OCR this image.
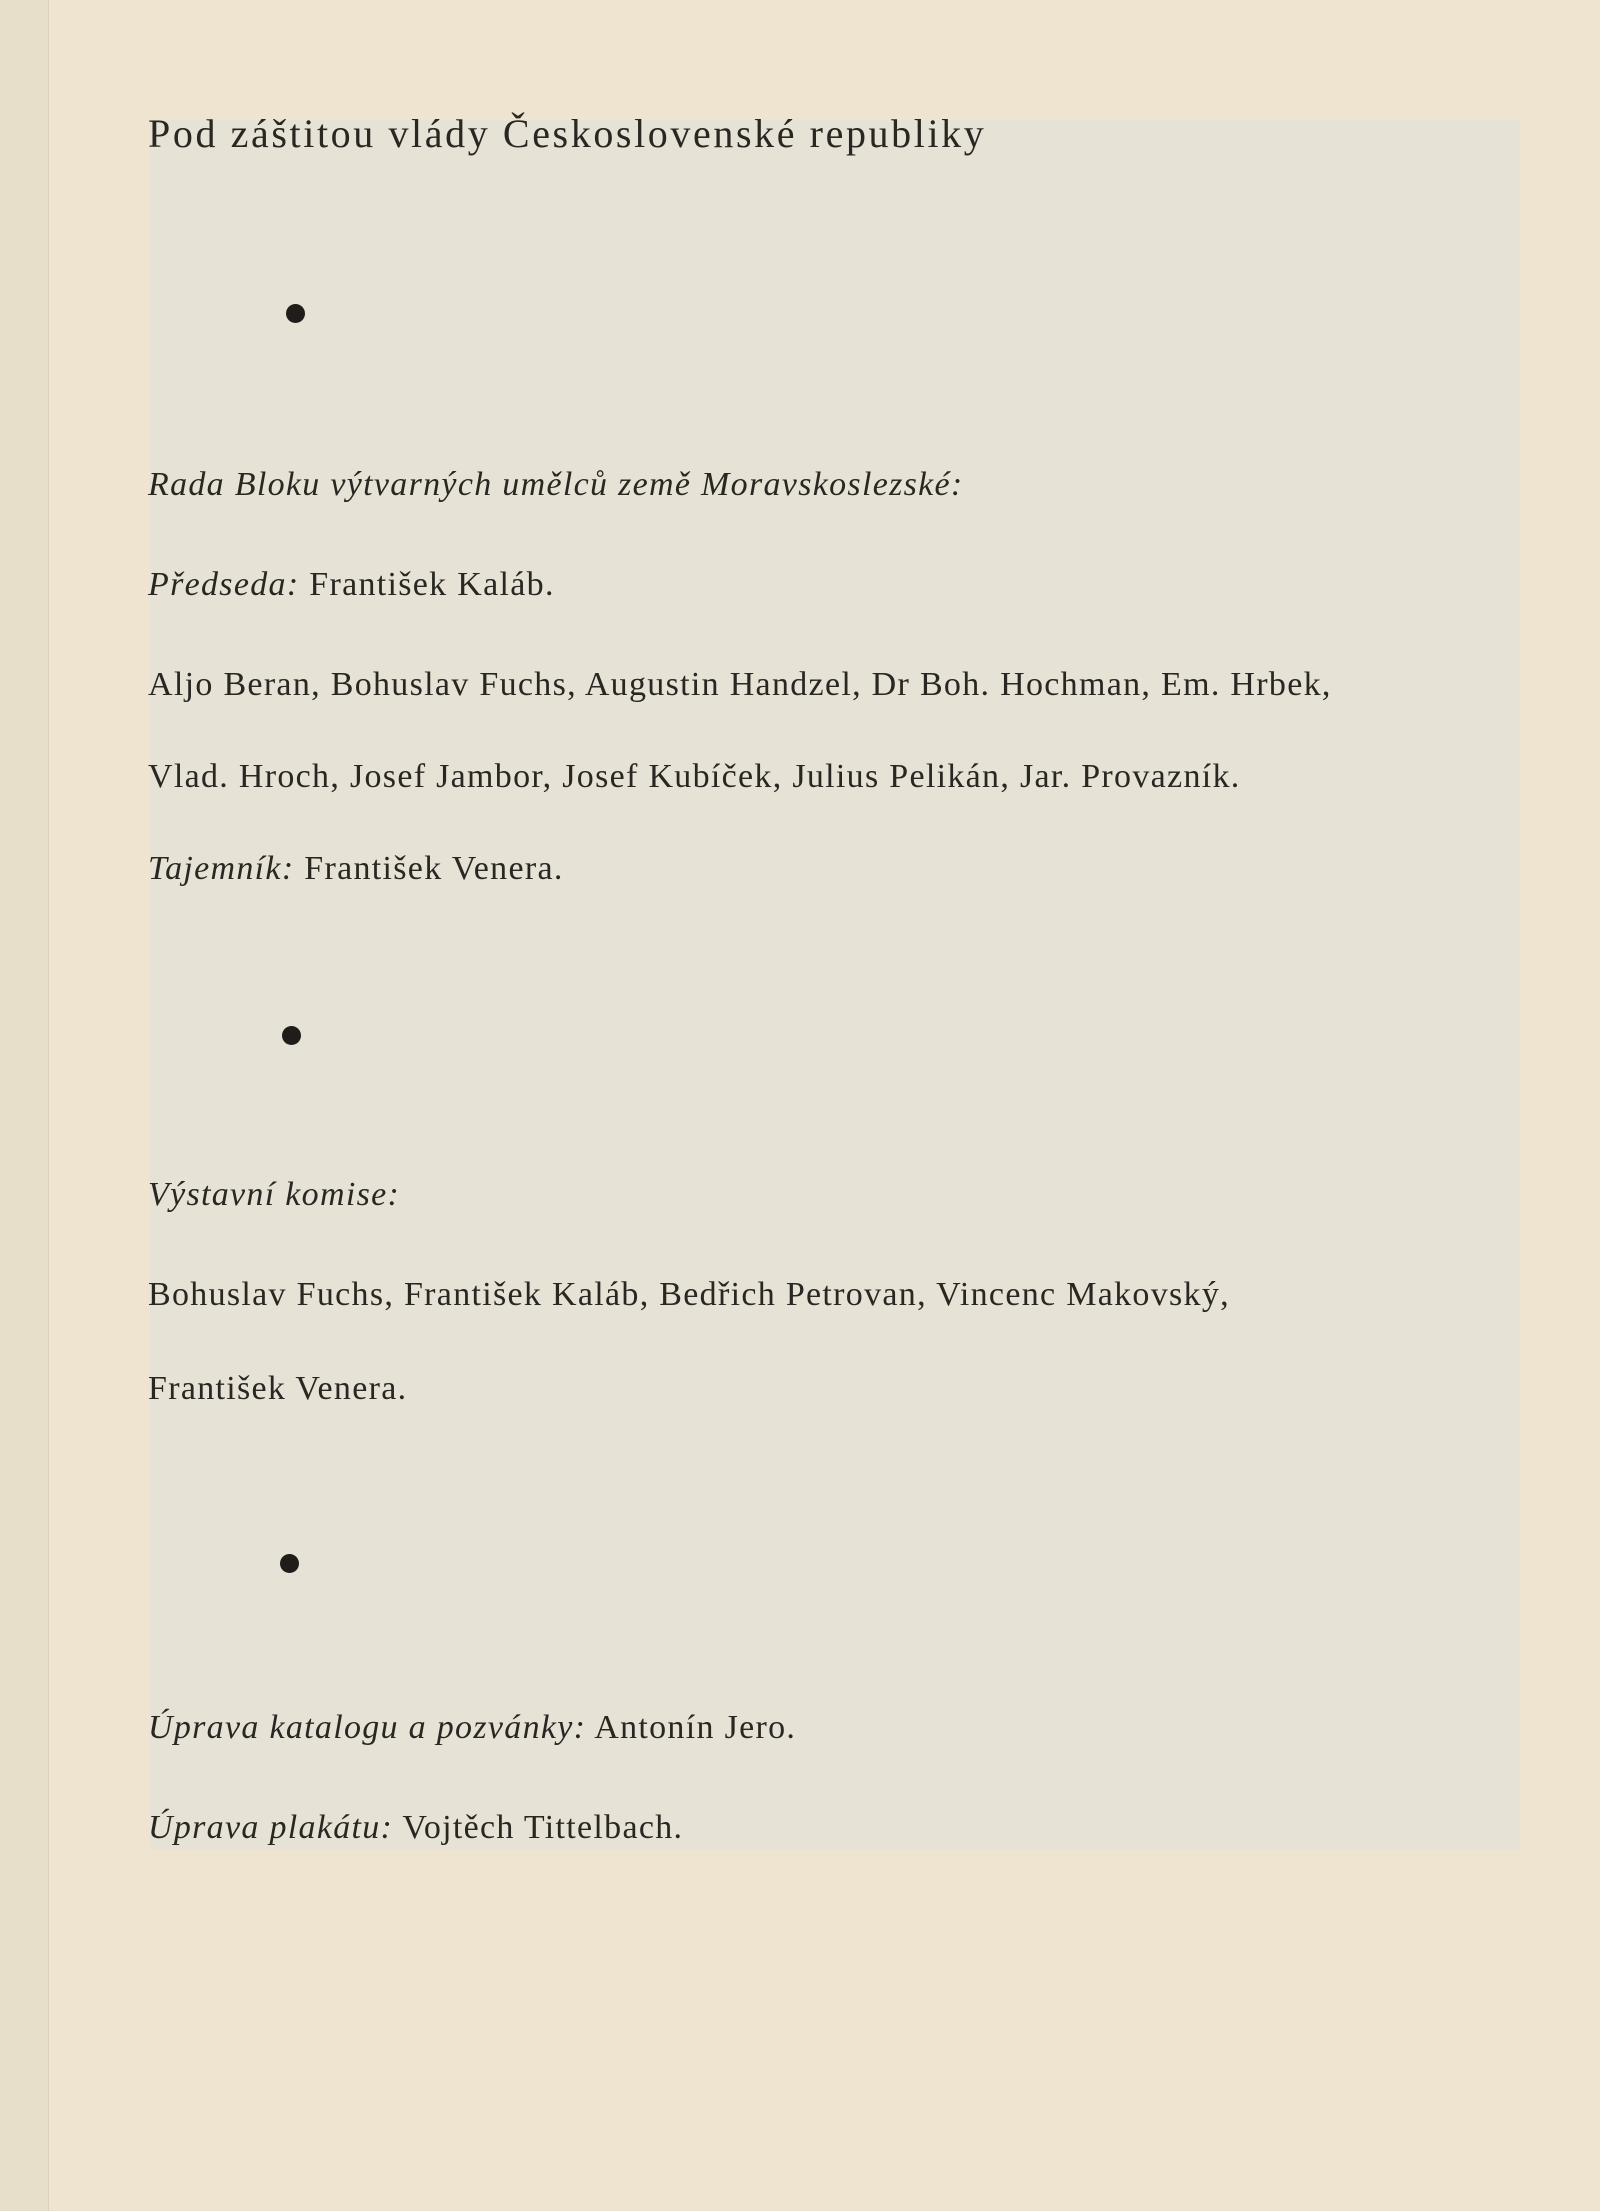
Pod záštitou vlády Československé republiky
Rada Bloku výtvarných umělců země Moravskoslezské:
Předseda: František Kaláb.
Aljo Beran, Bohuslav Fuchs, Augustin Handzel, Dr Boh. Hochman, Em. Hrbek,
Vlad. Hroch, Josef Jambor, Josef Kubíček, Julius Pelikán, Jar. Provazník.
Tajemník: František Venera.
Výstavní komise:
Bohuslav Fuchs, František Kaláb, Bedřich Petrovan, Vincenc Makovský,
František Venera.
Úprava katalogu a pozvánky: Antonín Jero.
Úprava plakátu: Vojtěch Tittelbach.
